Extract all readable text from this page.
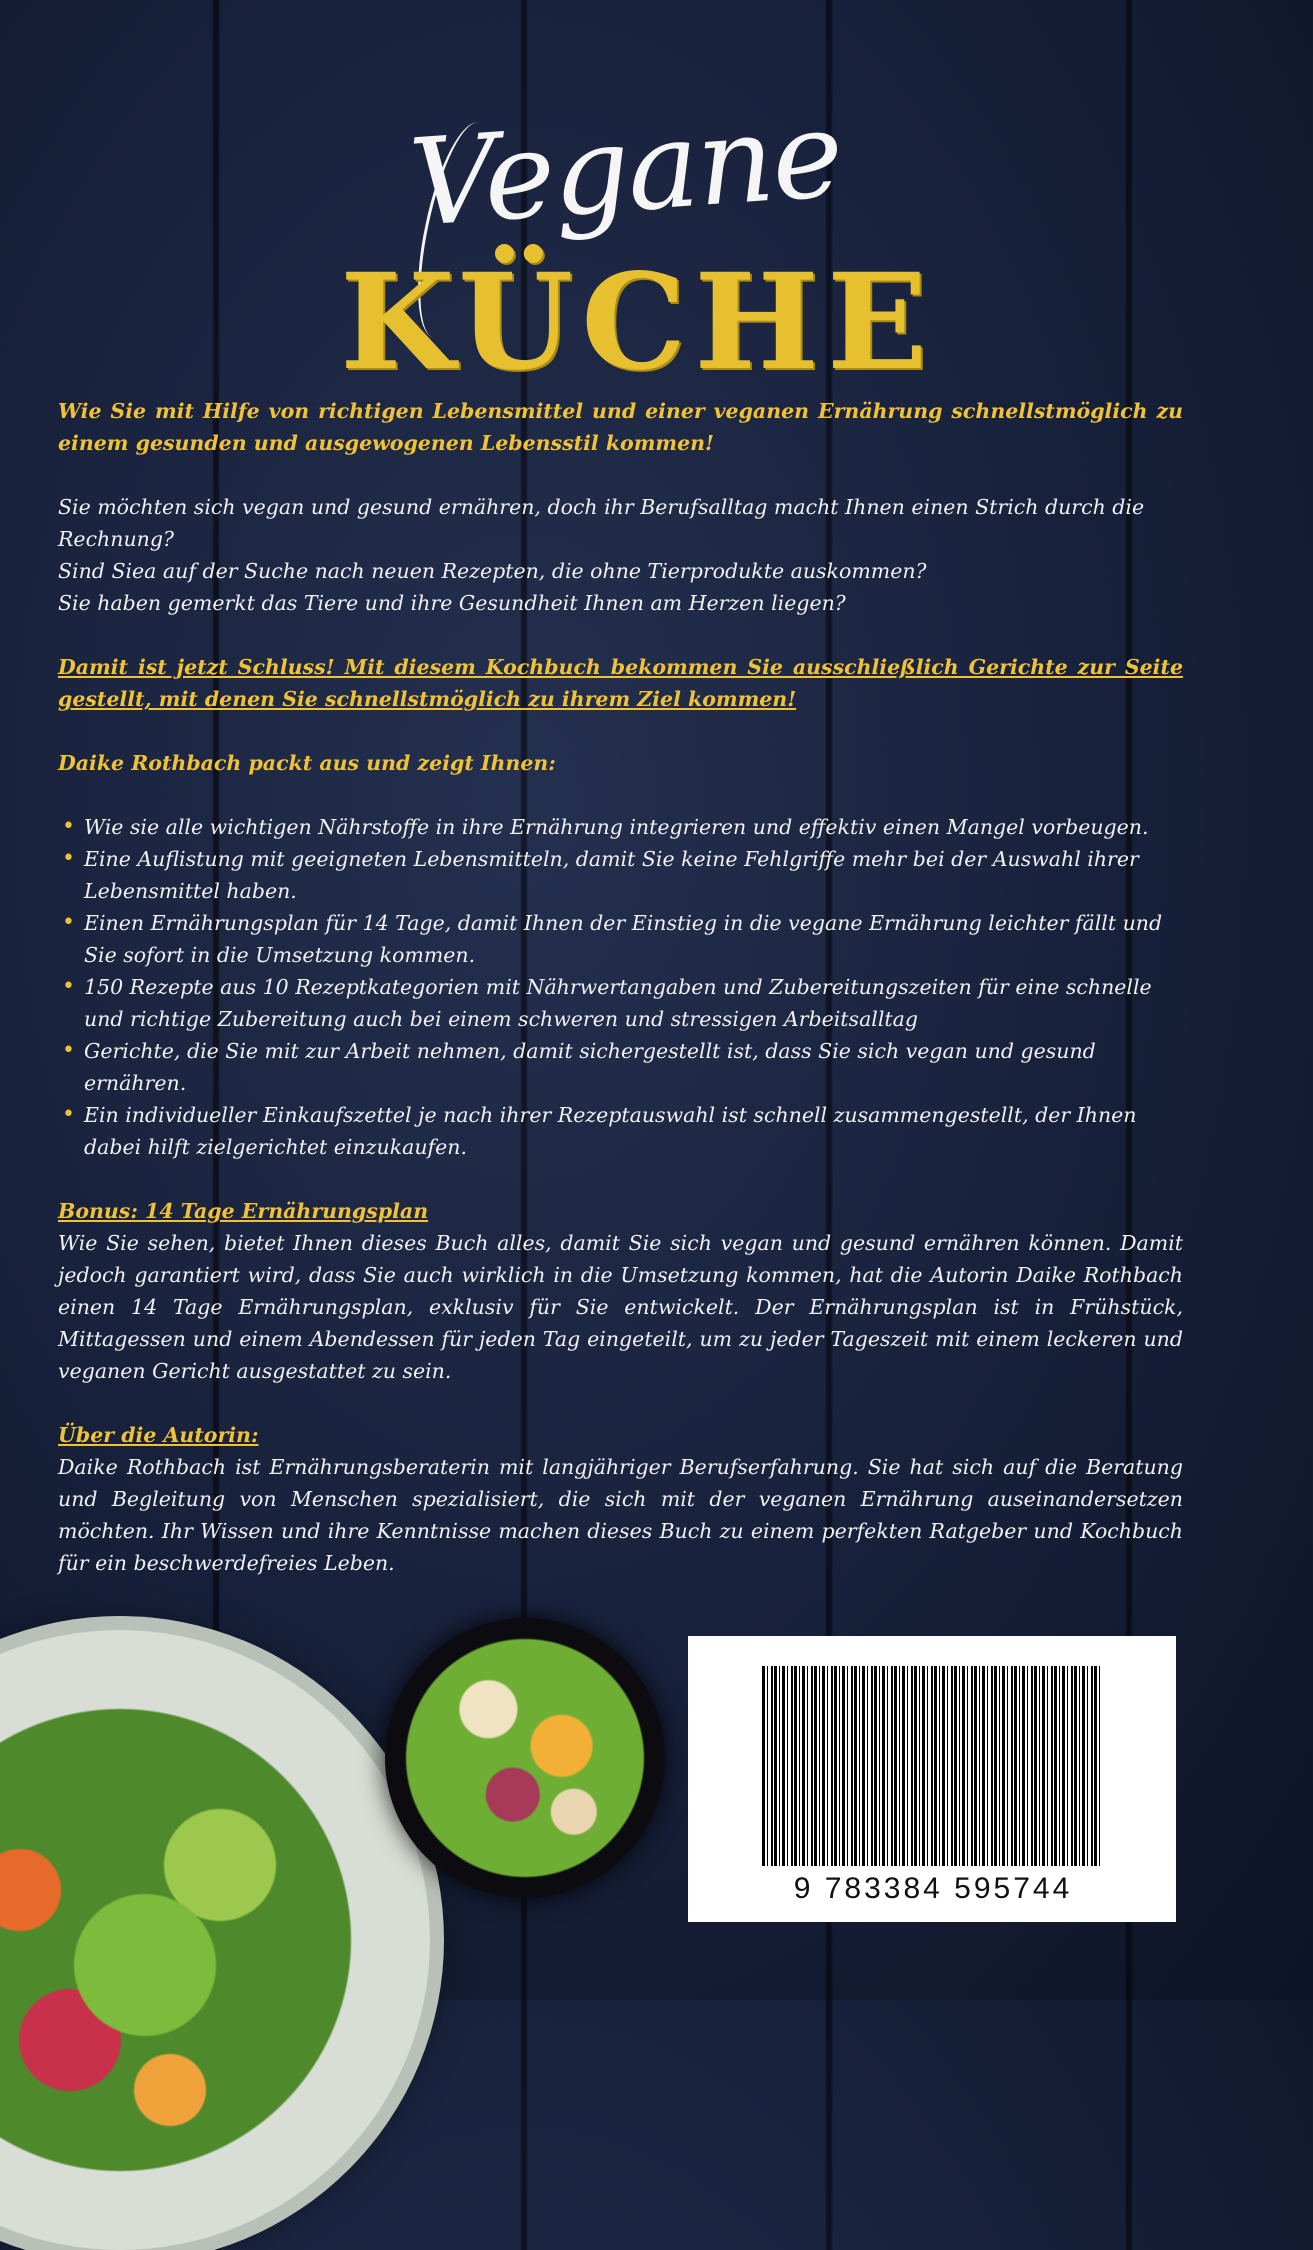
Vegane
KÜCHE

Wie Sie mit Hilfe von richtigen Lebensmittel und einer veganen Ernährung schnellstmöglich zu einem gesunden und ausgewogenen Lebensstil kommen!

Sie möchten sich vegan und gesund ernähren, doch ihr Berufsalltag macht Ihnen einen Strich durch die Rechnung?

Sind Siea auf der Suche nach neuen Rezepten, die ohne Tierprodukte auskommen?

Sie haben gemerkt das Tiere und ihre Gesundheit Ihnen am Herzen liegen?

Damit ist jetzt Schluss! Mit diesem Kochbuch bekommen Sie ausschließlich Gerichte zur Seite gestellt, mit denen Sie schnellstmöglich zu ihrem Ziel kommen!

Daike Rothbach packt aus und zeigt Ihnen:

• Wie sie alle wichtigen Nährstoffe in ihre Ernährung integrieren und effektiv einen Mangel vorbeugen.
• Eine Auflistung mit geeigneten Lebensmitteln, damit Sie keine Fehlgriffe mehr bei der Auswahl ihrer Lebensmittel haben.
• Einen Ernährungsplan für 14 Tage, damit Ihnen der Einstieg in die vegane Ernährung leichter fällt und Sie sofort in die Umsetzung kommen.
• 150 Rezepte aus 10 Rezeptkategorien mit Nährwertangaben und Zubereitungszeiten für eine schnelle und richtige Zubereitung auch bei einem schweren und stressigen Arbeitsalltag
• Gerichte, die Sie mit zur Arbeit nehmen, damit sichergestellt ist, dass Sie sich vegan und gesund ernähren.
• Ein individueller Einkaufszettel je nach ihrer Rezeptauswahl ist schnell zusammengestellt, der Ihnen dabei hilft zielgerichtet einzukaufen.

Bonus: 14 Tage Ernährungsplan

Wie Sie sehen, bietet Ihnen dieses Buch alles, damit Sie sich vegan und gesund ernähren können. Damit jedoch garantiert wird, dass Sie auch wirklich in die Umsetzung kommen, hat die Autorin Daike Rothbach einen 14 Tage Ernährungsplan, exklusiv für Sie entwickelt. Der Ernährungsplan ist in Frühstück, Mittagessen und einem Abendessen für jeden Tag eingeteilt, um zu jeder Tageszeit mit einem leckeren und veganen Gericht ausgestattet zu sein.

Über die Autorin:

Daike Rothbach ist Ernährungsberaterin mit langjähriger Berufserfahrung. Sie hat sich auf die Beratung und Begleitung von Menschen spezialisiert, die sich mit der veganen Ernährung auseinandersetzen möchten. Ihr Wissen und ihre Kenntnisse machen dieses Buch zu einem perfekten Ratgeber und Kochbuch für ein beschwerdefreies Leben.

9 783384 595744
